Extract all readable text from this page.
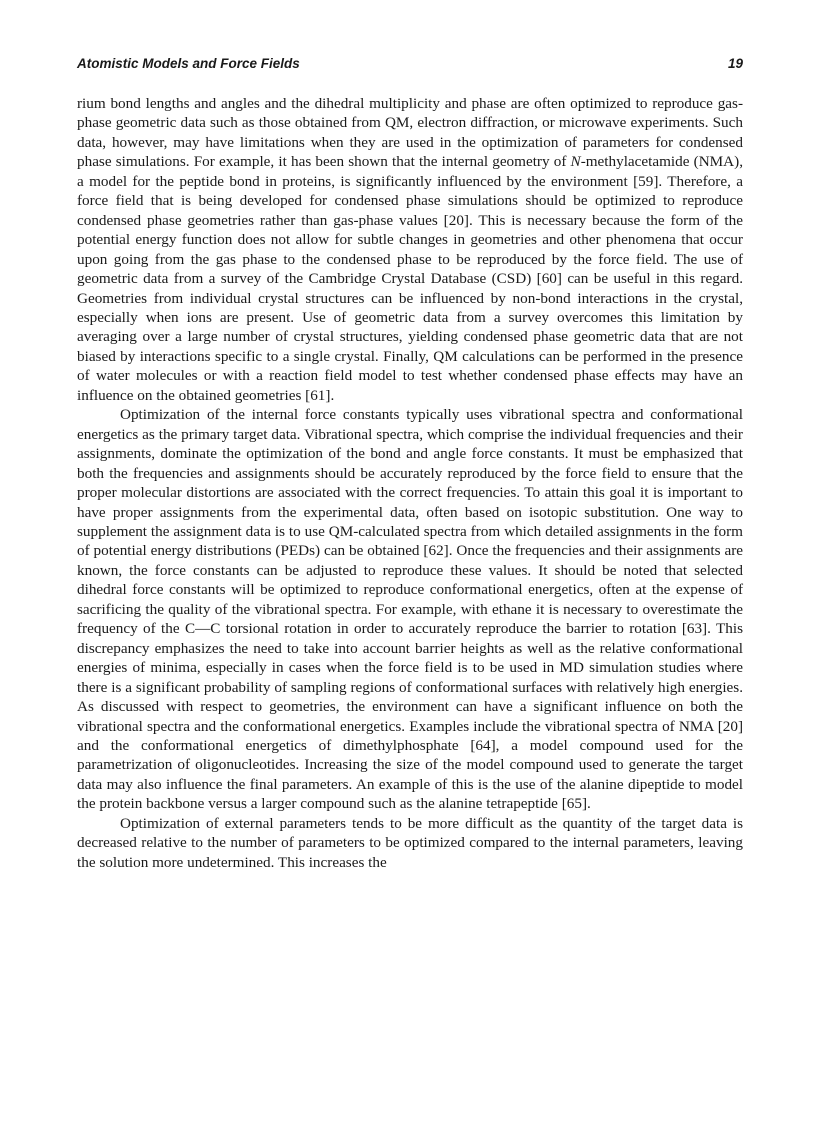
Atomistic Models and Force Fields	19

rium bond lengths and angles and the dihedral multiplicity and phase are often optimized to reproduce gas-phase geometric data such as those obtained from QM, electron diffraction, or microwave experiments. Such data, however, may have limitations when they are used in the optimization of parameters for condensed phase simulations. For example, it has been shown that the internal geometry of N-methylacetamide (NMA), a model for the peptide bond in proteins, is significantly influenced by the environment [59]. Therefore, a force field that is being developed for condensed phase simulations should be optimized to reproduce condensed phase geometries rather than gas-phase values [20]. This is necessary because the form of the potential energy function does not allow for subtle changes in geometries and other phenomena that occur upon going from the gas phase to the condensed phase to be reproduced by the force field. The use of geometric data from a survey of the Cambridge Crystal Database (CSD) [60] can be useful in this regard. Geometries from individual crystal structures can be influenced by non-bond interactions in the crystal, especially when ions are present. Use of geometric data from a survey overcomes this limitation by averaging over a large number of crystal structures, yielding condensed phase geometric data that are not biased by interactions specific to a single crystal. Finally, QM calculations can be performed in the presence of water molecules or with a reaction field model to test whether condensed phase effects may have an influence on the obtained geometries [61].

Optimization of the internal force constants typically uses vibrational spectra and conformational energetics as the primary target data. Vibrational spectra, which comprise the individual frequencies and their assignments, dominate the optimization of the bond and angle force constants. It must be emphasized that both the frequencies and assignments should be accurately reproduced by the force field to ensure that the proper molecular distortions are associated with the correct frequencies. To attain this goal it is important to have proper assignments from the experimental data, often based on isotopic substitution. One way to supplement the assignment data is to use QM-calculated spectra from which detailed assignments in the form of potential energy distributions (PEDs) can be obtained [62]. Once the frequencies and their assignments are known, the force constants can be adjusted to reproduce these values. It should be noted that selected dihedral force constants will be optimized to reproduce conformational energetics, often at the expense of sacrificing the quality of the vibrational spectra. For example, with ethane it is necessary to overestimate the frequency of the C—C torsional rotation in order to accurately reproduce the barrier to rotation [63]. This discrepancy emphasizes the need to take into account barrier heights as well as the relative conformational energies of minima, especially in cases when the force field is to be used in MD simulation studies where there is a significant probability of sampling regions of conformational surfaces with relatively high energies. As discussed with respect to geometries, the environment can have a significant influence on both the vibrational spectra and the conformational energetics. Examples include the vibrational spectra of NMA [20] and the conformational energetics of dimethylphosphate [64], a model compound used for the parametrization of oligonucleotides. Increasing the size of the model compound used to generate the target data may also influence the final parameters. An example of this is the use of the alanine dipeptide to model the protein backbone versus a larger compound such as the alanine tetrapeptide [65].

Optimization of external parameters tends to be more difficult as the quantity of the target data is decreased relative to the number of parameters to be optimized compared to the internal parameters, leaving the solution more undetermined. This increases the
